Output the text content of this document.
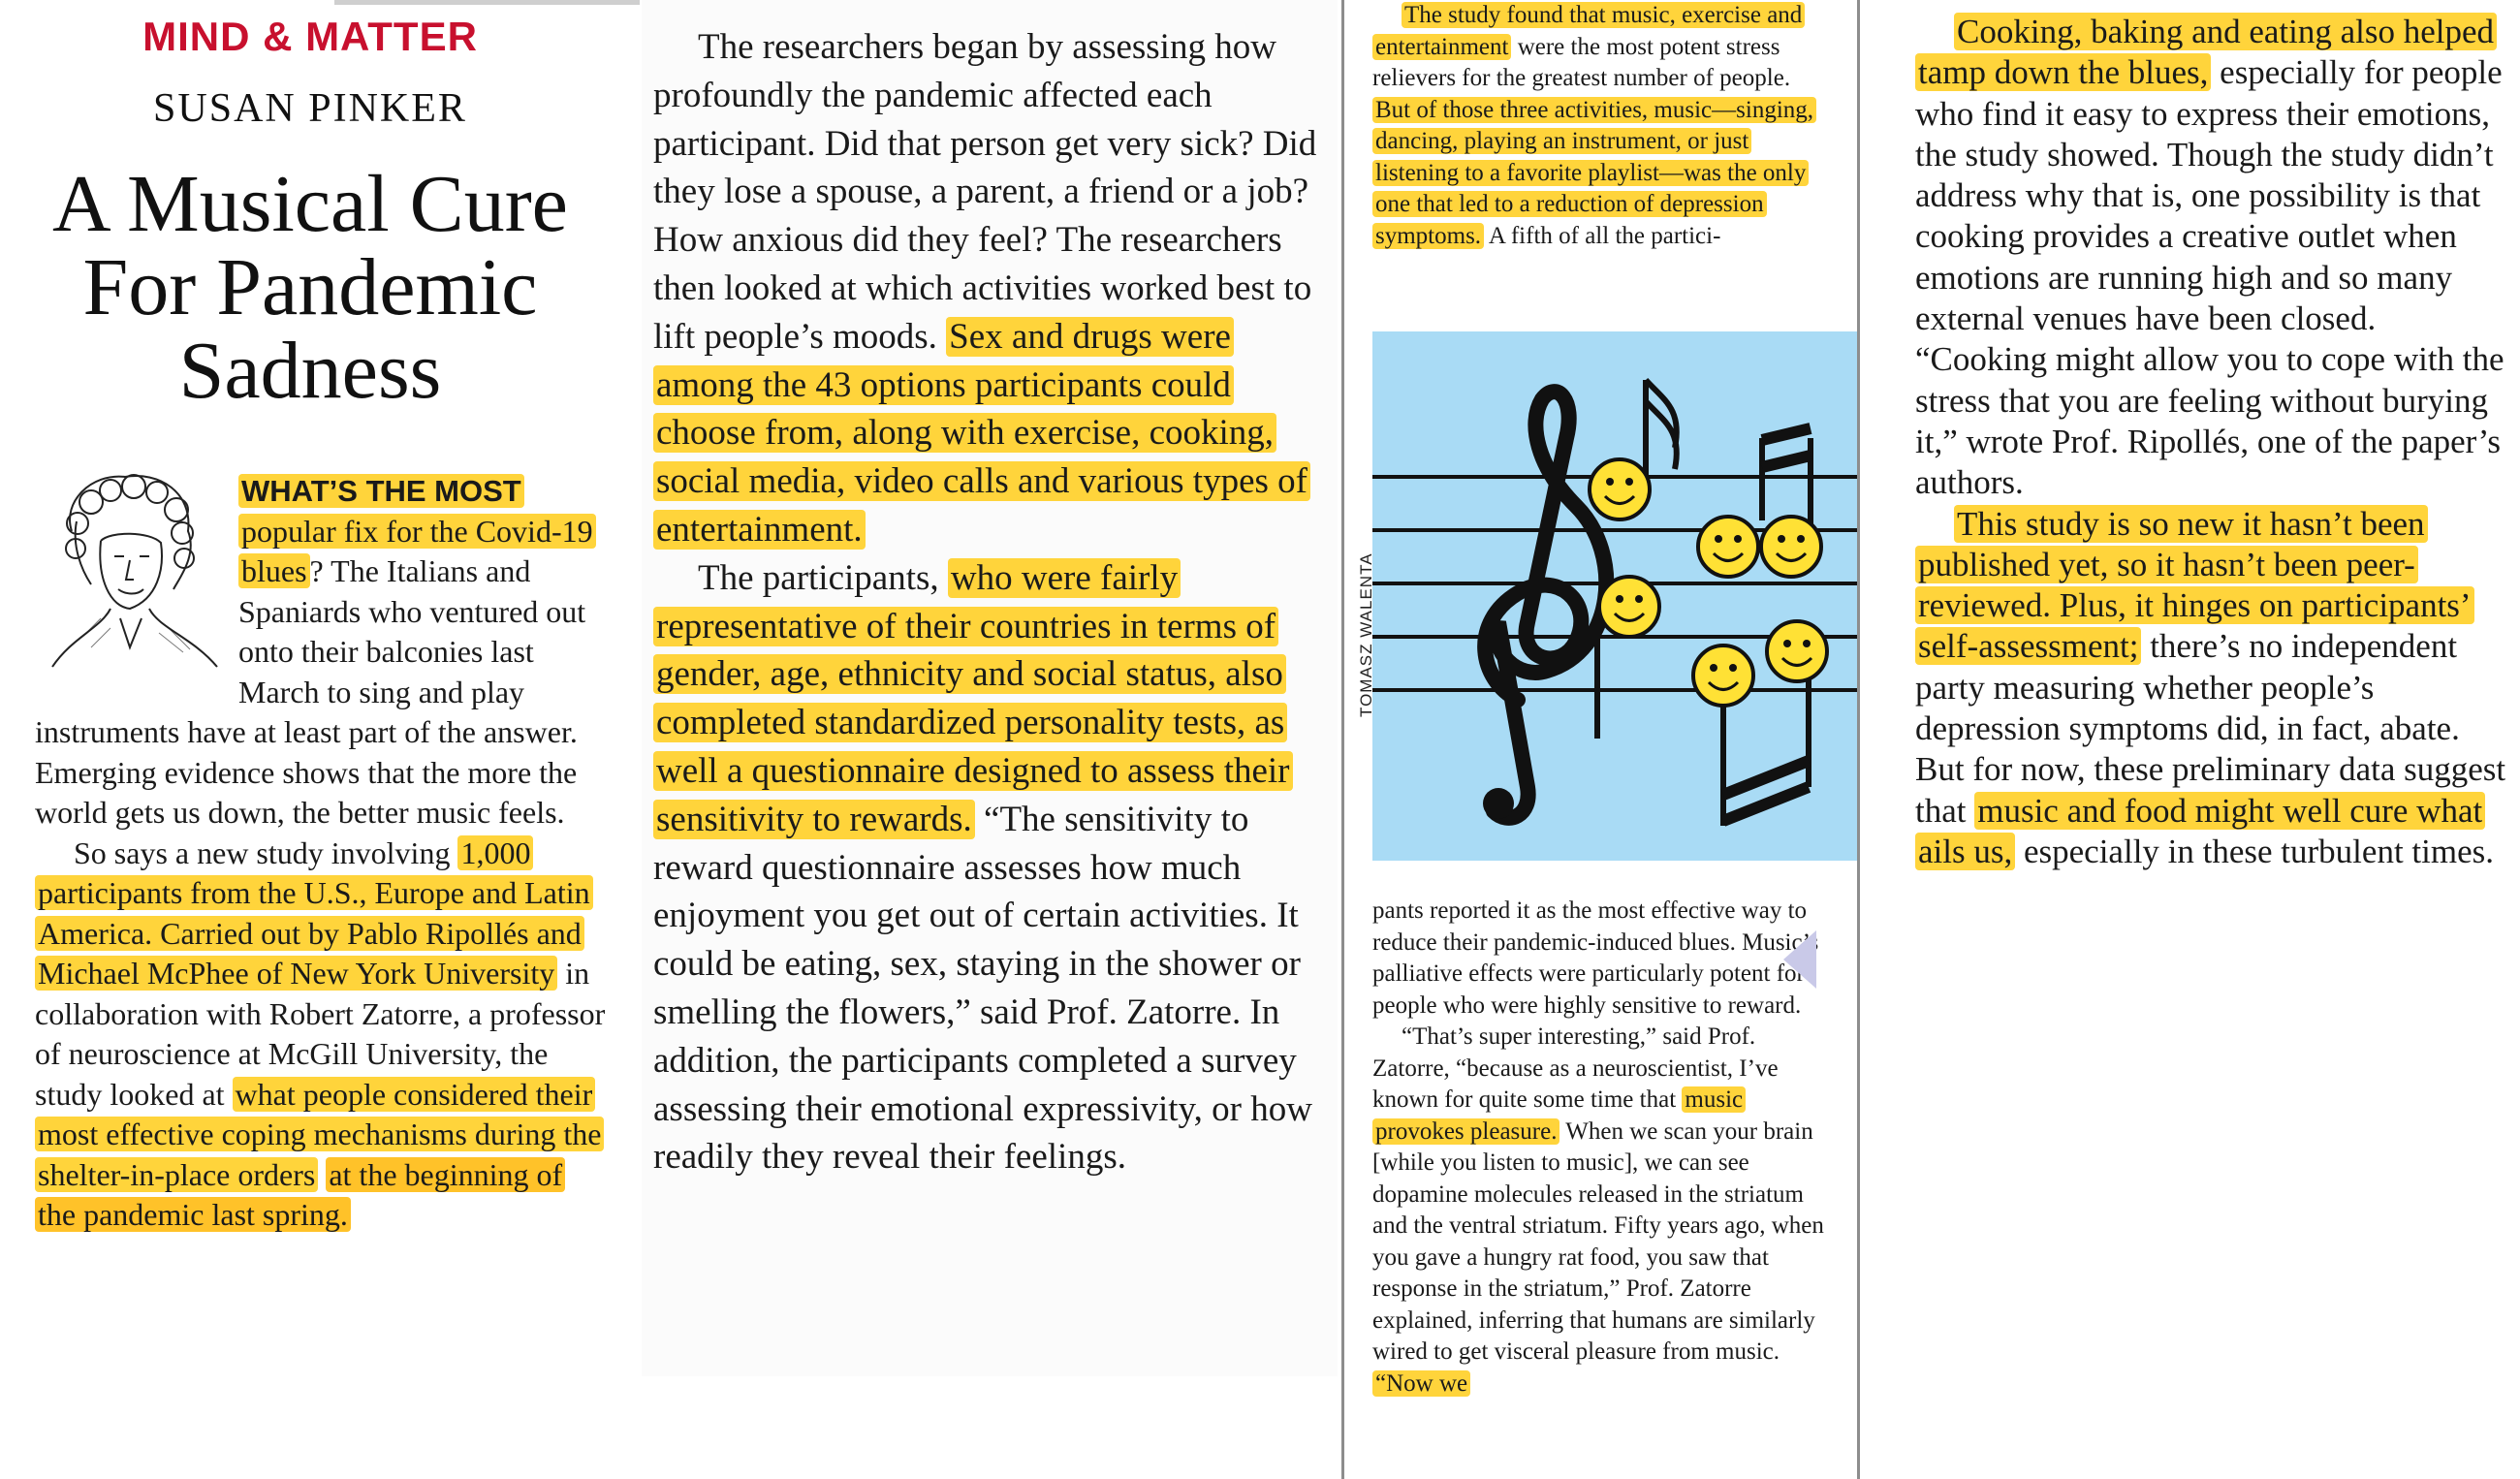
MIND & MATTER
SUSAN PINKER
A Musical Cure
For Pandemic
Sadness

WHAT’S THE MOST popular fix for the Covid-19 blues? The Italians and Spaniards who ventured out onto their balconies last March to sing and play instruments have at least part of the answer. Emerging evidence shows that the more the world gets us down, the better music feels.

So says a new study involving 1,000 participants from the U.S., Europe and Latin America. Carried out by Pablo Ripollés and Michael McPhee of New York University in collaboration with Robert Zatorre, a professor of neuroscience at McGill University, the study looked at what people considered their most effective coping mechanisms during the shelter-in-place orders at the beginning of the pandemic last spring.

The researchers began by assessing how profoundly the pandemic affected each participant. Did that person get very sick? Did they lose a spouse, a parent, a friend or a job? How anxious did they feel? The researchers then looked at which activities worked best to lift people’s moods. Sex and drugs were among the 43 options participants could choose from, along with exercise, cooking, social media, video calls and various types of entertainment.

The participants, who were fairly representative of their countries in terms of gender, age, ethnicity and social status, also completed standardized personality tests, as well a questionnaire designed to assess their sensitivity to rewards. “The sensitivity to reward questionnaire assesses how much enjoyment you get out of certain activities. It could be eating, sex, staying in the shower or smelling the flowers,” said Prof. Zatorre. In addition, the participants completed a survey assessing their emotional expressivity, or how readily they reveal their feelings.

The study found that music, exercise and entertainment were the most potent stress relievers for the greatest number of people. But of those three activities, music—singing, dancing, playing an instrument, or just listening to a favorite playlist—was the only one that led to a reduction of depression symptoms. A fifth of all the partici-

TOMASZ WALENTA

pants reported it as the most effective way to reduce their pandemic-induced blues. Music’s palliative effects were particularly potent for people who were highly sensitive to reward.

“That’s super interesting,” said Prof. Zatorre, “because as a neuroscientist, I’ve known for quite some time that music provokes pleasure. When we scan your brain [while you listen to music], we can see dopamine molecules released in the striatum and the ventral striatum. Fifty years ago, when you gave a hungry rat food, you saw that response in the striatum,” Prof. Zatorre explained, inferring that humans are similarly wired to get visceral pleasure from music. “Now we

Cooking, baking and eating also helped tamp down the blues, especially for people who find it easy to express their emotions, the study showed. Though the study didn’t address why that is, one possibility is that cooking provides a creative outlet when emotions are running high and so many external venues have been closed. “Cooking might allow you to cope with the stress that you are feeling without burying it,” wrote Prof. Ripollés, one of the paper’s authors.

This study is so new it hasn’t been published yet, so it hasn’t been peer-reviewed. Plus, it hinges on participants’ self-assessment; there’s no independent party measuring whether people’s depression symptoms did, in fact, abate. But for now, these preliminary data suggest that music and food might well cure what ails us, especially in these turbulent times.
